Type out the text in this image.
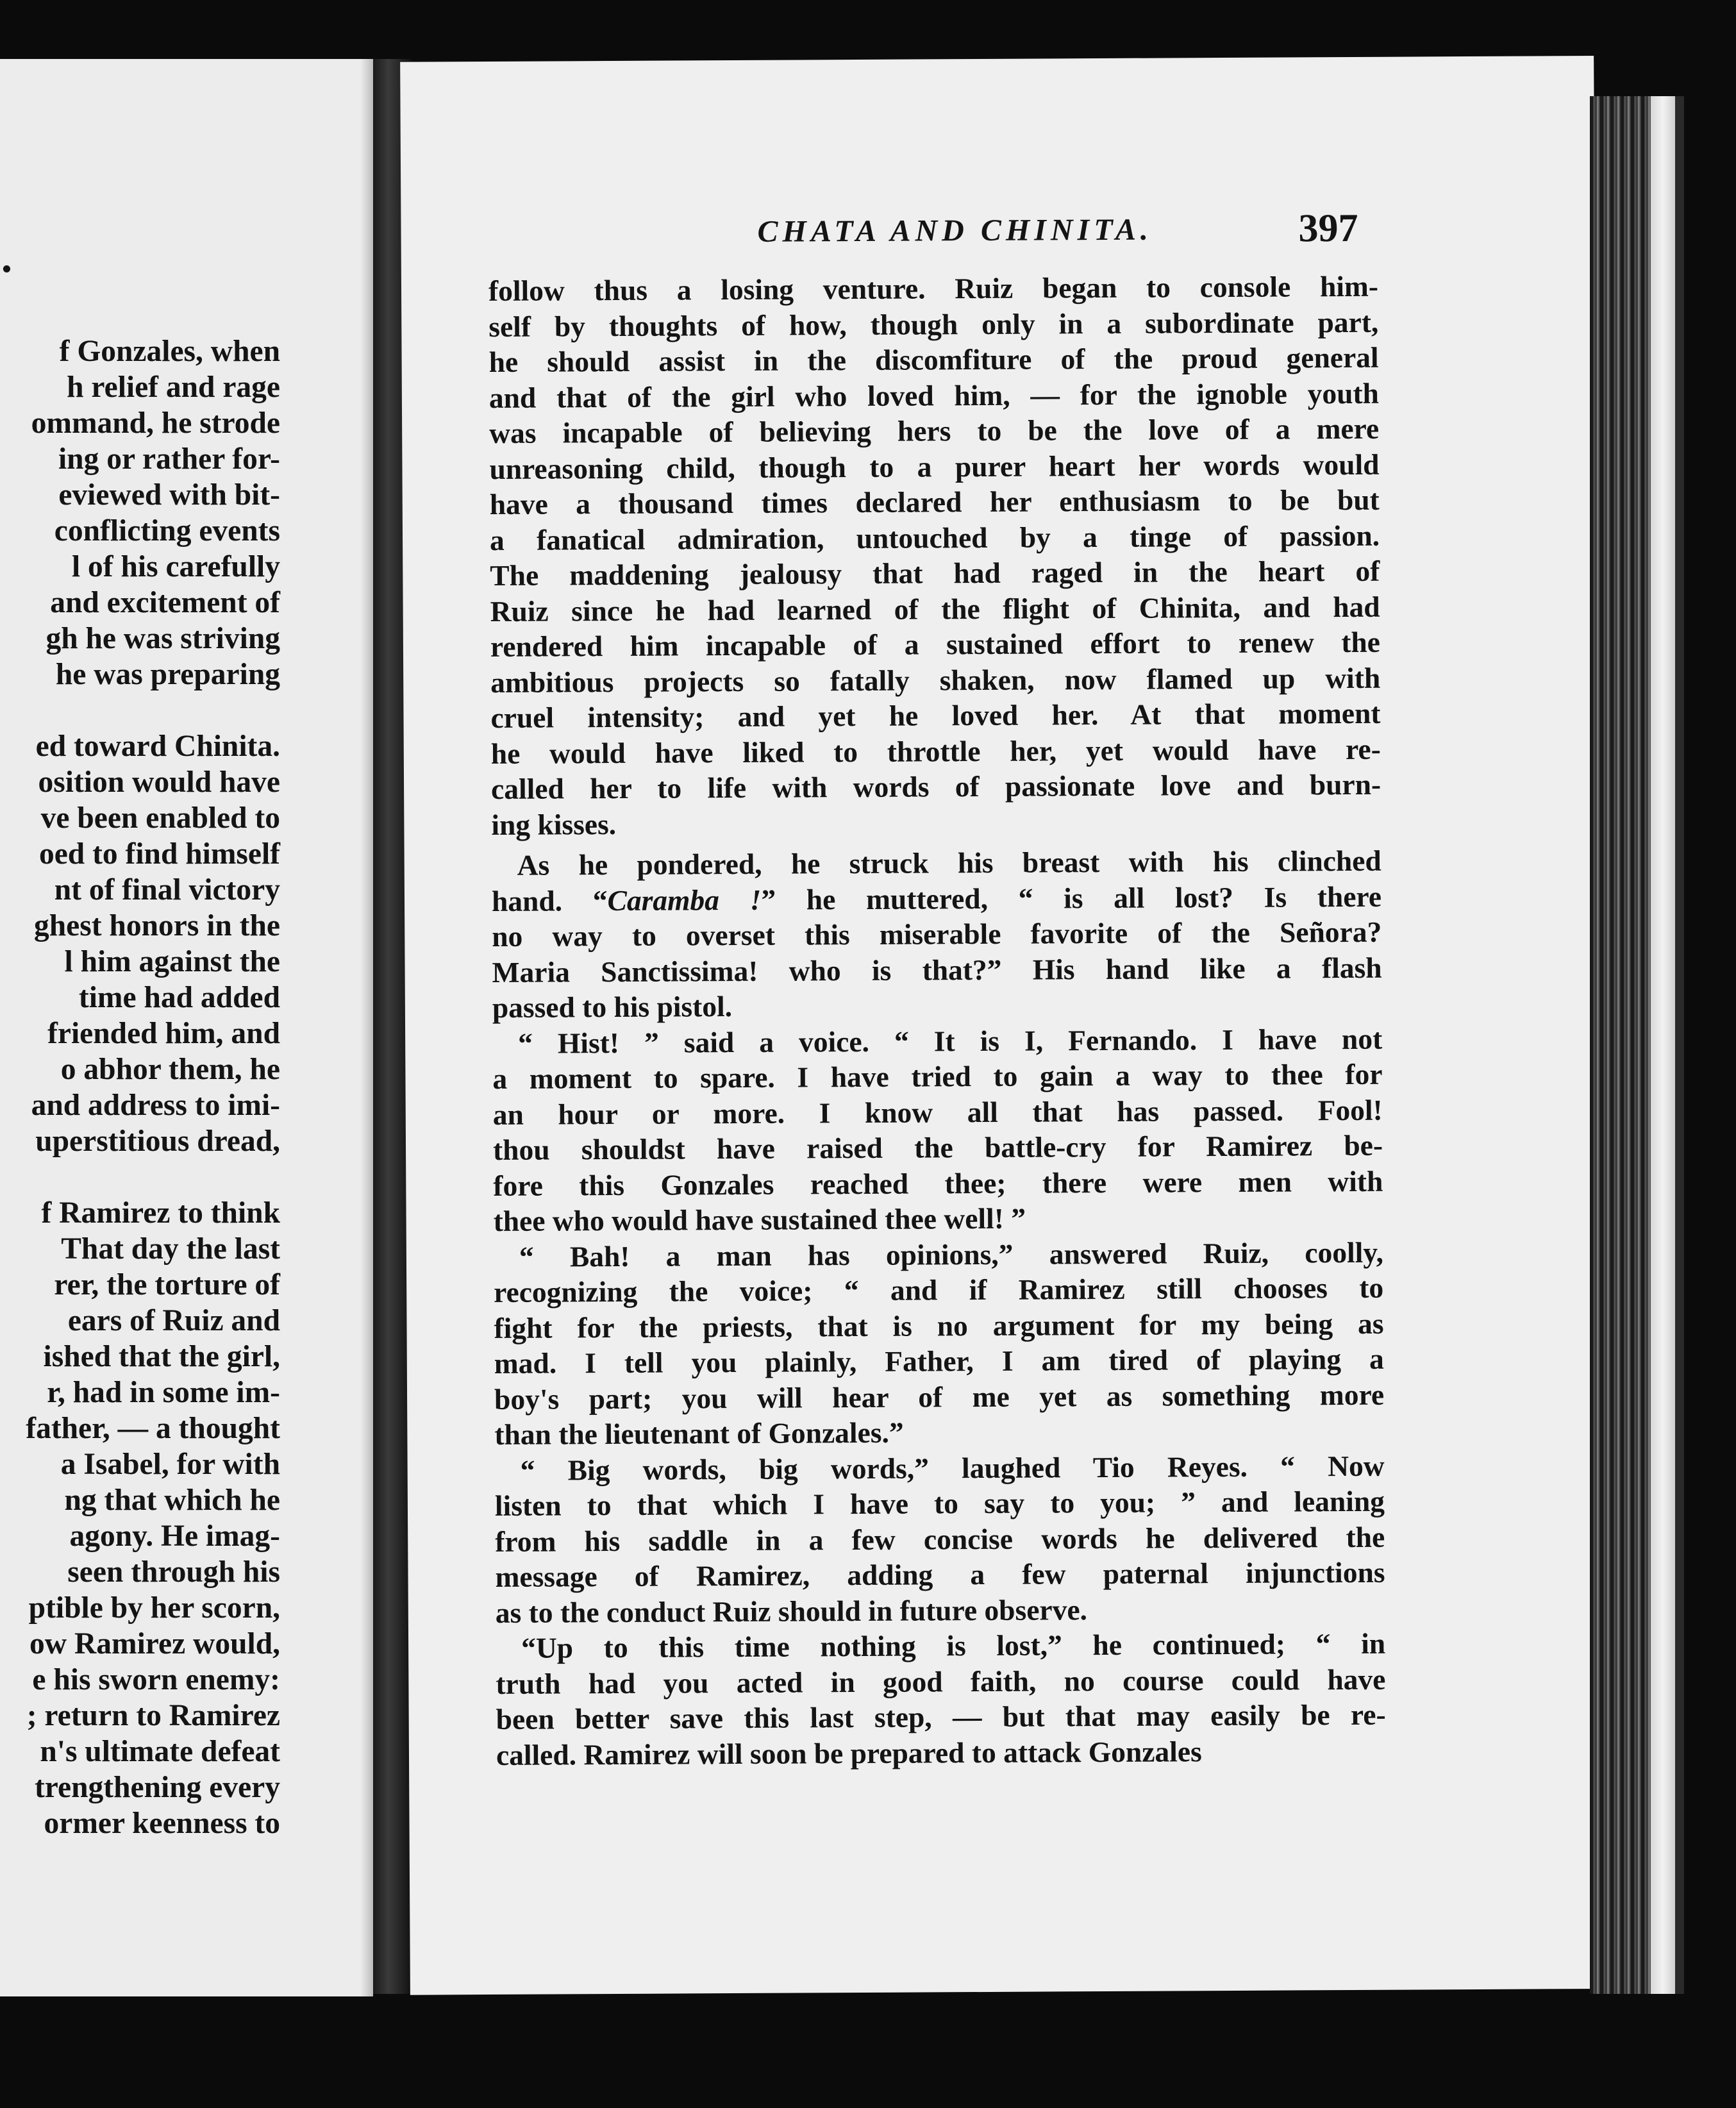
.
f Gonzales, when
h relief and rage
ommand, he strode
ing or rather for-
eviewed with bit-
conflicting events
l of his carefully
and excitement of
gh he was striving
he was preparing
ed toward Chinita.
osition would have
ve been enabled to
oed to find himself
nt of final victory
ghest honors in the
l him against the
time had added
friended him, and
o abhor them, he
and address to imi-
uperstitious dread,
f Ramirez to think
That day the last
rer, the torture of
ears of Ruiz and
ished that the girl,
r, had in some im-
father, — a thought
a Isabel, for with
ng that which he
agony. He imag-
seen through his
ptible by her scorn,
ow Ramirez would,
e his sworn enemy:
; return to Ramirez
n's ultimate defeat
trengthening every
ormer keenness to
CHATA AND CHINITA.	397
follow thus a losing venture. Ruiz began to console him-
self by thoughts of how, though only in a subordinate part,
he should assist in the discomfiture of the proud general
and that of the girl who loved him, — for the ignoble youth
was incapable of believing hers to be the love of a mere
unreasoning child, though to a purer heart her words would
have a thousand times declared her enthusiasm to be but
a fanatical admiration, untouched by a tinge of passion.
The maddening jealousy that had raged in the heart of
Ruiz since he had learned of the flight of Chinita, and had
rendered him incapable of a sustained effort to renew the
ambitious projects so fatally shaken, now flamed up with
cruel intensity; and yet he loved her. At that moment
he would have liked to throttle her, yet would have re-
called her to life with words of passionate love and burn-
ing kisses.
As he pondered, he struck his breast with his clinched
hand. “Caramba !” he muttered, “ is all lost? Is there
no way to overset this miserable favorite of the Señora?
Maria Sanctissima! who is that?” His hand like a flash
passed to his pistol.
“ Hist! ” said a voice. “ It is I, Fernando. I have not
a moment to spare. I have tried to gain a way to thee for
an hour or more. I know all that has passed. Fool!
thou shouldst have raised the battle-cry for Ramirez be-
fore this Gonzales reached thee; there were men with
thee who would have sustained thee well! ”
“ Bah! a man has opinions,” answered Ruiz, coolly,
recognizing the voice; “ and if Ramirez still chooses to
fight for the priests, that is no argument for my being as
mad. I tell you plainly, Father, I am tired of playing a
boy's part; you will hear of me yet as something more
than the lieutenant of Gonzales.”
“ Big words, big words,” laughed Tio Reyes. “ Now
listen to that which I have to say to you; ” and leaning
from his saddle in a few concise words he delivered the
message of Ramirez, adding a few paternal injunctions
as to the conduct Ruiz should in future observe.
“Up to this time nothing is lost,” he continued; “ in
truth had you acted in good faith, no course could have
been better save this last step, — but that may easily be re-
called. Ramirez will soon be prepared to attack Gonzales
